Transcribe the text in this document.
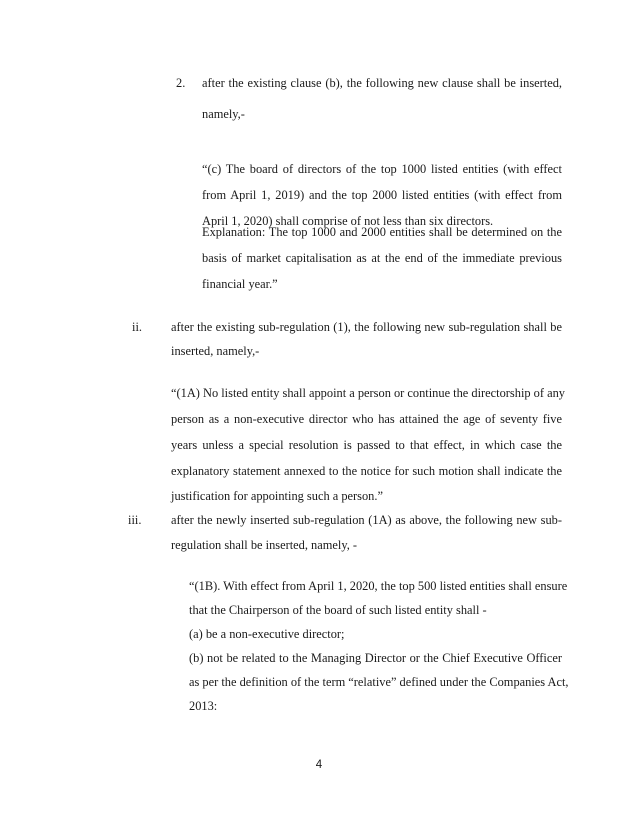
2. after the existing clause (b), the following new clause shall be inserted,
namely,-
“(c) The board of directors of the top 1000 listed entities (with effect
from April 1, 2019) and the top 2000 listed entities (with effect from
April 1, 2020) shall comprise of not less than six directors.
Explanation: The top 1000 and 2000 entities shall be determined on the
basis of market capitalisation as at the end of the immediate previous
financial year.”
ii. after the existing sub-regulation (1), the following new sub-regulation shall be
inserted, namely,-
“(1A) No listed entity shall appoint a person or continue the directorship of any
person as a non-executive director who has attained the age of seventy five
years unless a special resolution is passed to that effect, in which case the
explanatory statement annexed to the notice for such motion shall indicate the
justification for appointing such a person.”
iii. after the newly inserted sub-regulation (1A) as above, the following new sub-
regulation shall be inserted, namely, -
“(1B). With effect from April 1, 2020, the top 500 listed entities shall ensure
that the Chairperson of the board of such listed entity shall -
(a) be a non-executive director;
(b) not be related to the Managing Director or the Chief Executive Officer
as per the definition of the term “relative” defined under the Companies Act,
2013:
4
